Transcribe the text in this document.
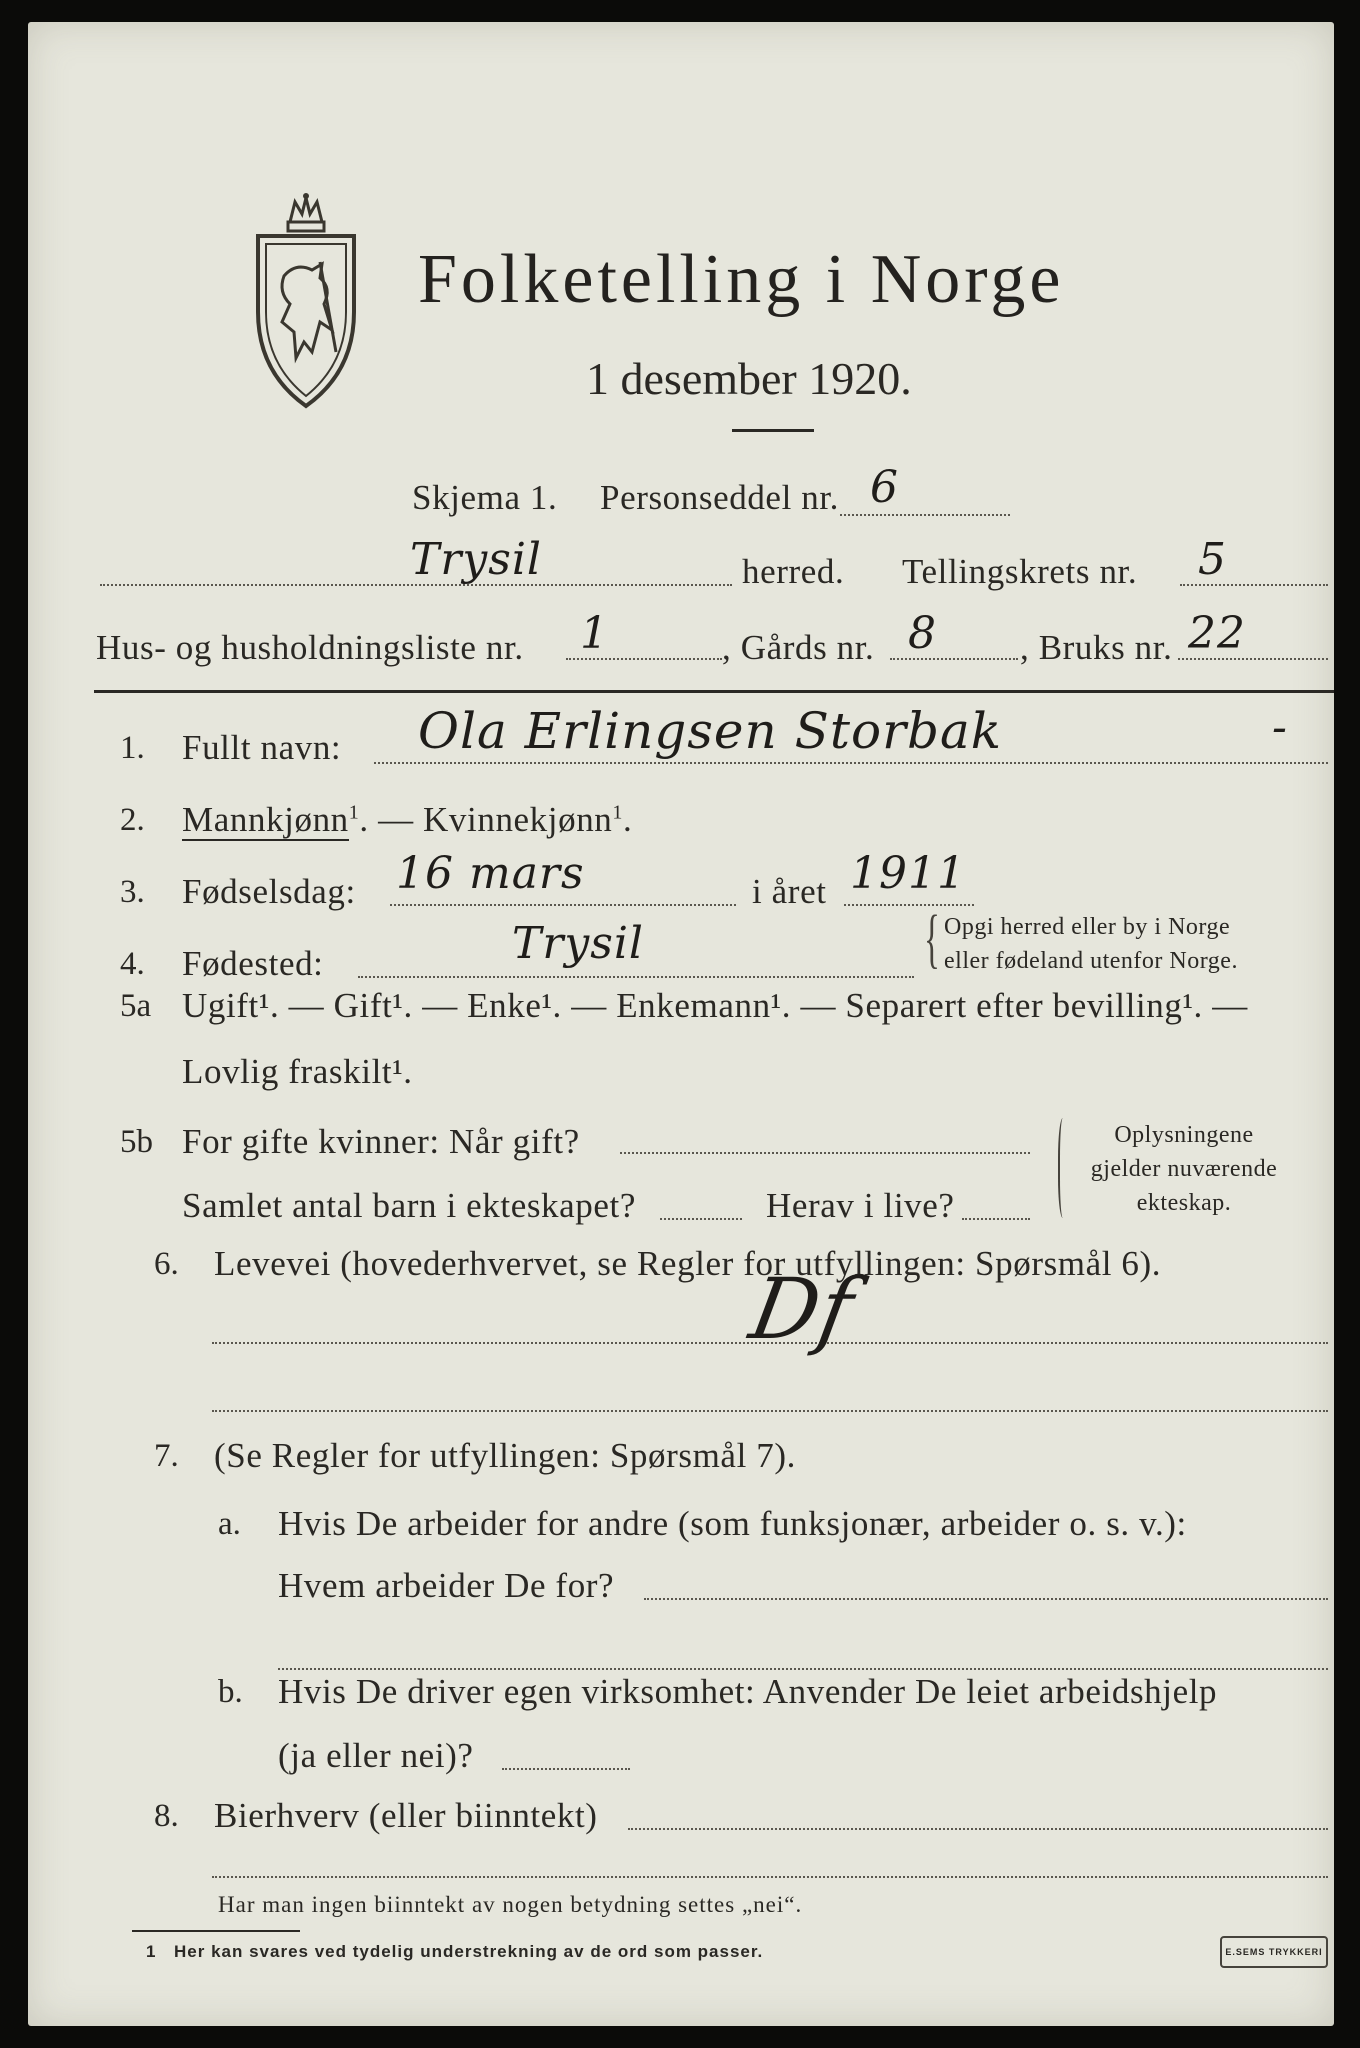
Folketelling i Norge
1 desember 1920.
Skjema 1. Personseddel nr. 6
Trysil	herred. Tellingskrets nr. 5
Hus- og husholdningsliste nr. 1	, Gårds nr. 8 , Bruks nr. 22
1. Fullt navn: Ola Erlingsen Storbak	-
2. Mannkjønn$^1$. — Kvinnekjønn$^1$.
3. Fødselsdag: 16 mars	i året 1911
4. Fødested:	Trysil	{ Opgi herred eller by i Norge
eller fødeland utenfor Norge.
5a Ugift¹. — Gift¹. — Enke¹. — Enkemann¹. — Separert efter bevilling¹. —
Lovlig fraskilt¹.
5b For gifte kvinner: Når gift?
Samlet antal barn i ekteskapet?	Herav i live?
Oplysningene
gjelder nuværende
ekteskap.
6. Levevei (hovederhvervet, se Regler for utfyllingen: Spørsmål 6).
Df
7. (Se Regler for utfyllingen: Spørsmål 7).
a. Hvis De arbeider for andre (som funksjonær, arbeider o. s. v.):
Hvem arbeider De for?
b. Hvis De driver egen virksomhet: Anvender De leiet arbeidshjelp
(ja eller nei)?
8. Bierhverv (eller biinntekt)
Har man ingen biinntekt av nogen betydning settes „nei“.
1 Her kan svares ved tydelig understrekning av de ord som passer.	E.SEMS TRYKKERI
